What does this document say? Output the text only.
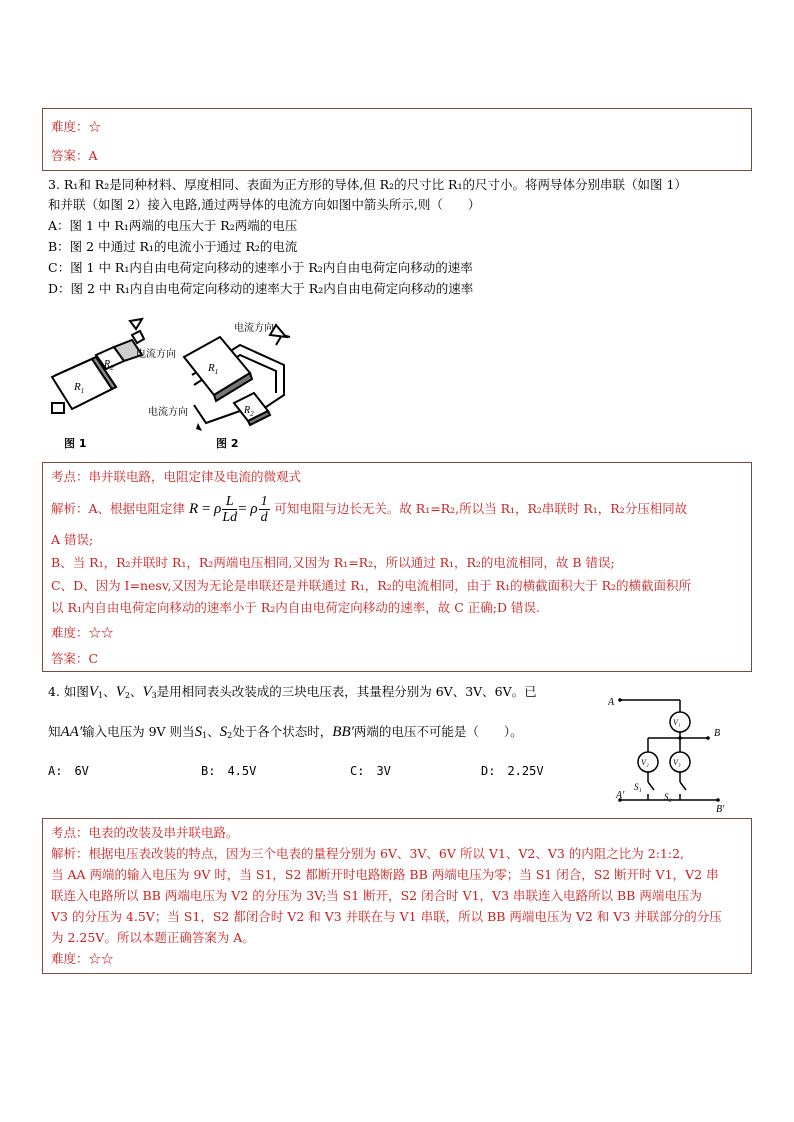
难度：☆
答案：A
3. R₁和 R₂是同种材料、厚度相同、表面为正方形的导体,但 R₂的尺寸比 R₁的尺寸小。将两导体分别串联（如图 1）
和并联（如图 2）接入电路,通过两导体的电流方向如图中箭头所示,则（　　）
A：图 1 中 R₁两端的电压大于 R₂两端的电压
B：图 2 中通过 R₁的电流小于通过 R₂的电流
C：图 1 中 R₁内自由电荷定向移动的速率小于 R₂内自由电荷定向移动的速率
D：图 2 中 R₁内自由电荷定向移动的速率大于 R₂内自由电荷定向移动的速率
电流方向
$R_1$
$R_2$
图 1
电流方向
电流方向
$R_1$
$R_2$
图 2
考点：串并联电路，电阻定律及电流的微观式
解析：A、根据电阻定律 R = ρ $\frac{L}{Ld} = \rho \frac{1}{d}$ 可知电阻与边长无关。故 R₁=R₂,所以当 R₁，R₂串联时 R₁，R₂分压相同故
A 错误;
B、当 R₁，R₂并联时 R₁，R₂两端电压相同,又因为 R₁=R₂，所以通过 R₁，R₂的电流相同，故 B 错误;
C、D、因为 I=nesv,又因为无论是串联还是并联通过 R₁，R₂的电流相同，由于 R₁的横截面积大于 R₂的横截面积所
以 R₁内自由电荷定向移动的速率小于 R₂内自由电荷定向移动的速率，故 C 正确;D 错误.
难度：☆☆
答案：C
4. 如图$V_1$、$V_2$、$V_3$是用相同表头改装成的三块电压表，其量程分别为 6V、3V、6V。已
知AA′输入电压为 9V 则当$S_1$、$S_2$处于各个状态时，BB′两端的电压不可能是（　　）。
A:　6V	B:　4.5V	C:　3V	D:　2.25V
A
B
A′
B′
V₁
V₂	V₃
S₁
S₂
考点：电表的改装及串并联电路。
解析：根据电压表改装的特点，因为三个电表的量程分别为 6V、3V、6V 所以 V1、V2、V3 的内阻之比为 2:1:2,
当 AA 两端的输入电压为 9V 时，当 S1，S2 都断开时电路断路 BB 两端电压为零；当 S1 闭合，S2 断开时 V1，V2 串
联连入电路所以 BB 两端电压为 V2 的分压为 3V;当 S1 断开，S2 闭合时 V1，V3 串联连入电路所以 BB 两端电压为
V3 的分压为 4.5V；当 S1，S2 都闭合时 V2 和 V3 并联在与 V1 串联，所以 BB 两端电压为 V2 和 V3 并联部分的分压
为 2.25V。所以本题正确答案为 A。
难度：☆☆
